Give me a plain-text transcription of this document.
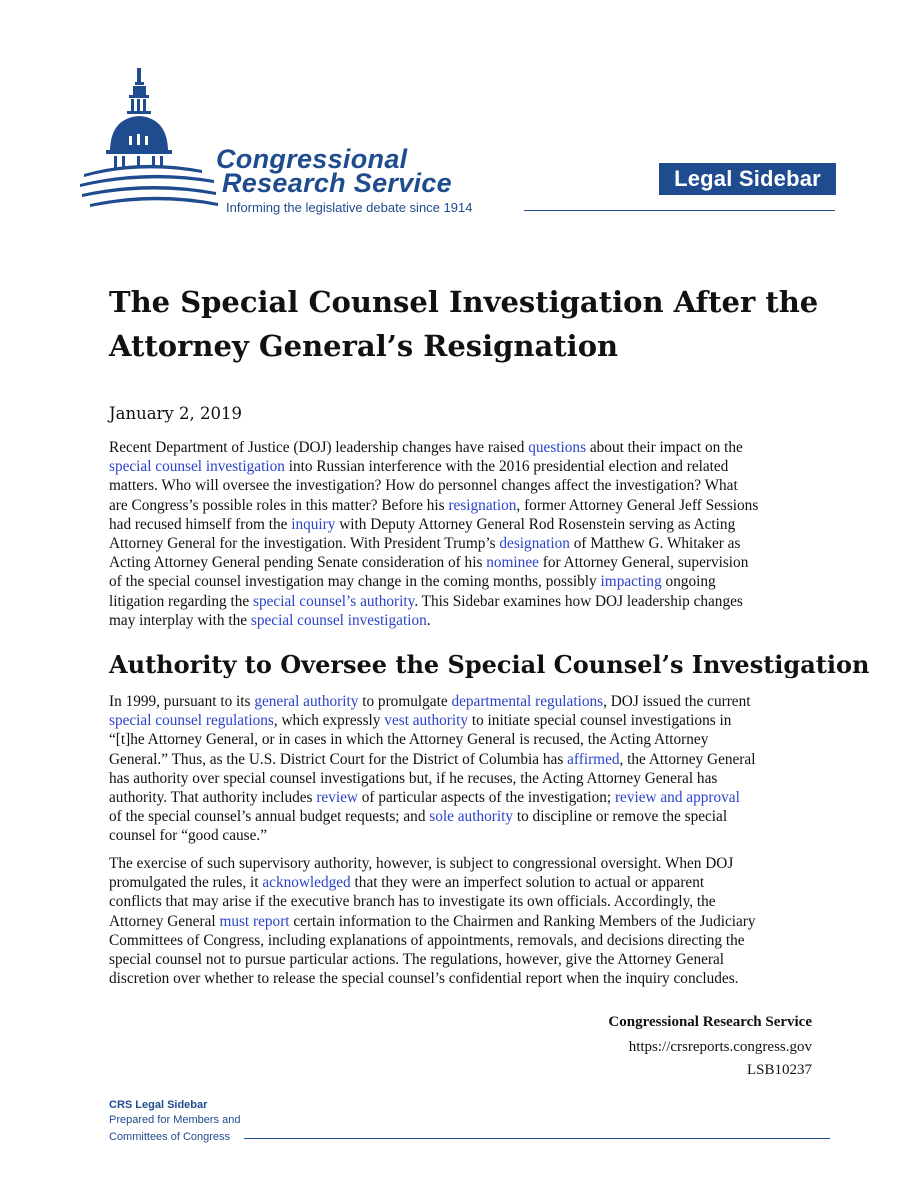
Congressional
Research Service
Informing the legislative debate since 1914
Legal Sidebar
The Special Counsel Investigation After the
Attorney General’s Resignation
January 2, 2019
Recent Department of Justice (DOJ) leadership changes have raised questions about their impact on the
special counsel investigation into Russian interference with the 2016 presidential election and related
matters. Who will oversee the investigation? How do personnel changes affect the investigation? What
are Congress’s possible roles in this matter? Before his resignation, former Attorney General Jeff Sessions
had recused himself from the inquiry with Deputy Attorney General Rod Rosenstein serving as Acting
Attorney General for the investigation. With President Trump’s designation of Matthew G. Whitaker as
Acting Attorney General pending Senate consideration of his nominee for Attorney General, supervision
of the special counsel investigation may change in the coming months, possibly impacting ongoing
litigation regarding the special counsel’s authority. This Sidebar examines how DOJ leadership changes
may interplay with the special counsel investigation.
Authority to Oversee the Special Counsel’s Investigation
In 1999, pursuant to its general authority to promulgate departmental regulations, DOJ issued the current
special counsel regulations, which expressly vest authority to initiate special counsel investigations in
“[t]he Attorney General, or in cases in which the Attorney General is recused, the Acting Attorney
General.” Thus, as the U.S. District Court for the District of Columbia has affirmed, the Attorney General
has authority over special counsel investigations but, if he recuses, the Acting Attorney General has
authority. That authority includes review of particular aspects of the investigation; review and approval
of the special counsel’s annual budget requests; and sole authority to discipline or remove the special
counsel for “good cause.”
The exercise of such supervisory authority, however, is subject to congressional oversight. When DOJ
promulgated the rules, it acknowledged that they were an imperfect solution to actual or apparent
conflicts that may arise if the executive branch has to investigate its own officials. Accordingly, the
Attorney General must report certain information to the Chairmen and Ranking Members of the Judiciary
Committees of Congress, including explanations of appointments, removals, and decisions directing the
special counsel not to pursue particular actions. The regulations, however, give the Attorney General
discretion over whether to release the special counsel’s confidential report when the inquiry concludes.
Congressional Research Service
https://crsreports.congress.gov
LSB10237
CRS Legal Sidebar
Prepared for Members and
Committees of Congress
